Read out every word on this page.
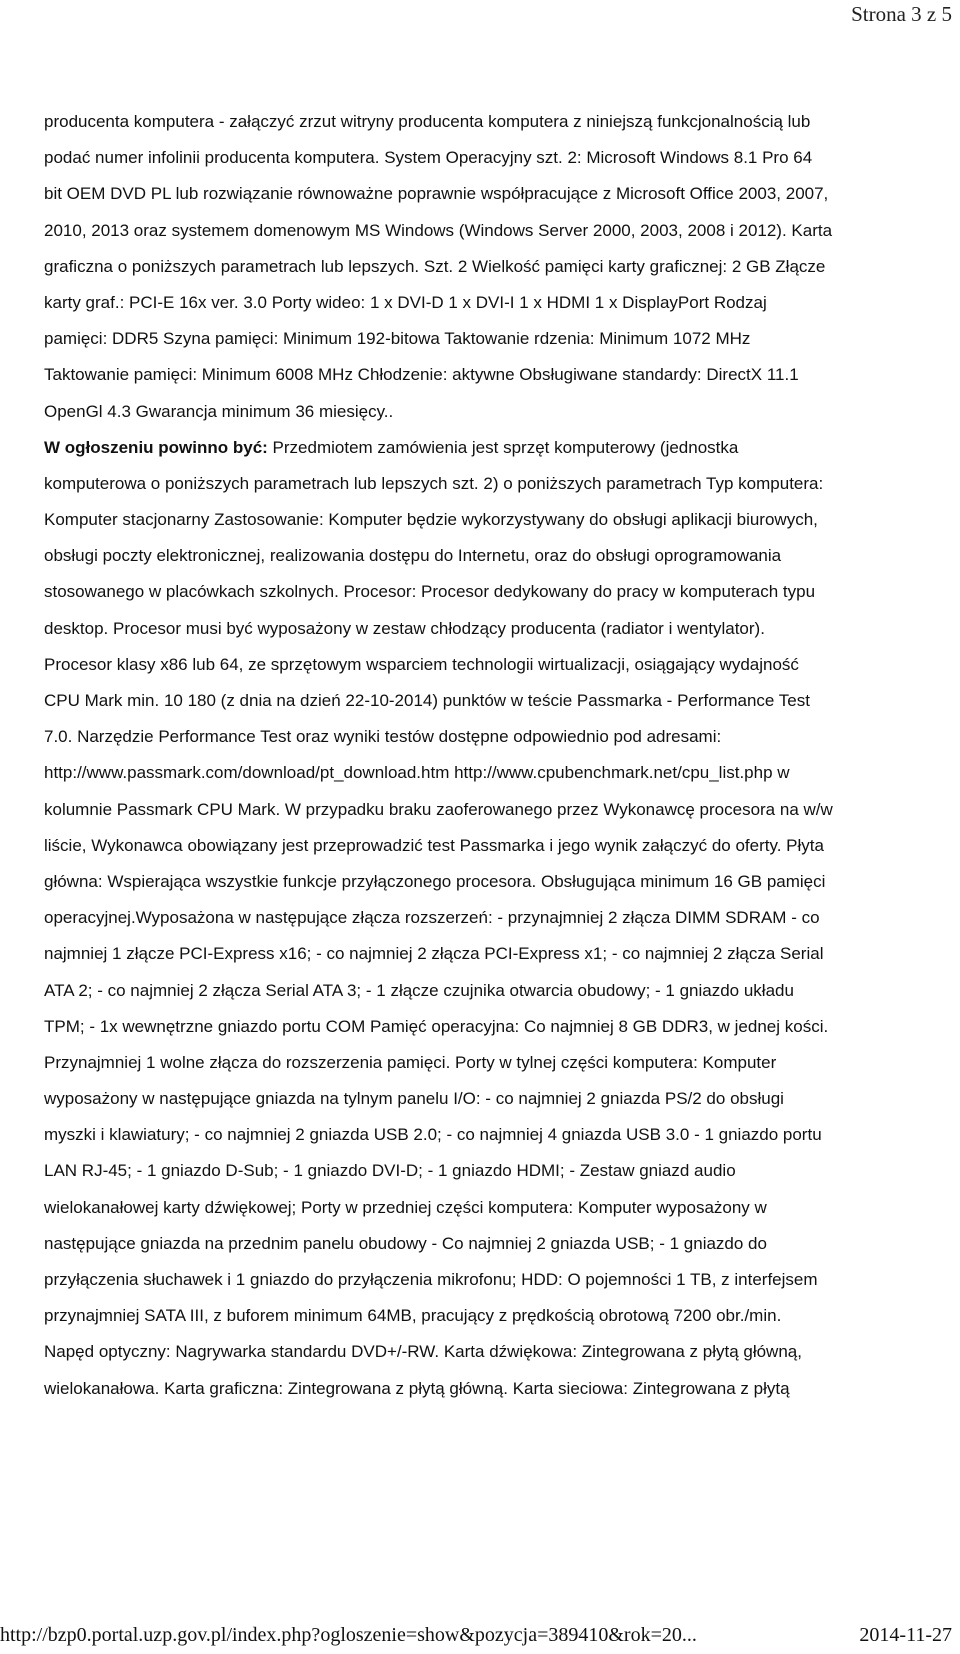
Strona 3 z 5
producenta komputera - załączyć zrzut witryny producenta komputera z niniejszą funkcjonalnością lub
podać numer infolinii producenta komputera. System Operacyjny szt. 2: Microsoft Windows 8.1 Pro 64
bit OEM DVD PL lub rozwiązanie równoważne poprawnie współpracujące z Microsoft Office 2003, 2007,
2010, 2013 oraz systemem domenowym MS Windows (Windows Server 2000, 2003, 2008 i 2012). Karta
graficzna o poniższych parametrach lub lepszych. Szt. 2 Wielkość pamięci karty graficznej: 2 GB Złącze
karty graf.: PCI-E 16x ver. 3.0 Porty wideo: 1 x DVI-D 1 x DVI-I 1 x HDMI 1 x DisplayPort Rodzaj
pamięci: DDR5 Szyna pamięci: Minimum 192-bitowa Taktowanie rdzenia: Minimum 1072 MHz
Taktowanie pamięci: Minimum 6008 MHz Chłodzenie: aktywne Obsługiwane standardy: DirectX 11.1
OpenGl 4.3 Gwarancja minimum 36 miesięcy..
W ogłoszeniu powinno być: Przedmiotem zamówienia jest sprzęt komputerowy (jednostka
komputerowa o poniższych parametrach lub lepszych szt. 2) o poniższych parametrach Typ komputera:
Komputer stacjonarny Zastosowanie: Komputer będzie wykorzystywany do obsługi aplikacji biurowych,
obsługi poczty elektronicznej, realizowania dostępu do Internetu, oraz do obsługi oprogramowania
stosowanego w placówkach szkolnych. Procesor: Procesor dedykowany do pracy w komputerach typu
desktop. Procesor musi być wyposażony w zestaw chłodzący producenta (radiator i wentylator).
Procesor klasy x86 lub 64, ze sprzętowym wsparciem technologii wirtualizacji, osiągający wydajność
CPU Mark min. 10 180 (z dnia na dzień 22-10-2014) punktów w teście Passmarka - Performance Test
7.0. Narzędzie Performance Test oraz wyniki testów dostępne odpowiednio pod adresami:
http://www.passmark.com/download/pt_download.htm http://www.cpubenchmark.net/cpu_list.php w
kolumnie Passmark CPU Mark. W przypadku braku zaoferowanego przez Wykonawcę procesora na w/w
liście, Wykonawca obowiązany jest przeprowadzić test Passmarka i jego wynik załączyć do oferty. Płyta
główna: Wspierająca wszystkie funkcje przyłączonego procesora. Obsługująca minimum 16 GB pamięci
operacyjnej.Wyposażona w następujące złącza rozszerzeń: - przynajmniej 2 złącza DIMM SDRAM - co
najmniej 1 złącze PCI-Express x16; - co najmniej 2 złącza PCI-Express x1; - co najmniej 2 złącza Serial
ATA 2; - co najmniej 2 złącza Serial ATA 3; - 1 złącze czujnika otwarcia obudowy; - 1 gniazdo układu
TPM; - 1x wewnętrzne gniazdo portu COM Pamięć operacyjna: Co najmniej 8 GB DDR3, w jednej kości.
Przynajmniej 1 wolne złącza do rozszerzenia pamięci. Porty w tylnej części komputera: Komputer
wyposażony w następujące gniazda na tylnym panelu I/O: - co najmniej 2 gniazda PS/2 do obsługi
myszki i klawiatury; - co najmniej 2 gniazda USB 2.0; - co najmniej 4 gniazda USB 3.0 - 1 gniazdo portu
LAN RJ-45; - 1 gniazdo D-Sub; - 1 gniazdo DVI-D; - 1 gniazdo HDMI; - Zestaw gniazd audio
wielokanałowej karty dźwiękowej; Porty w przedniej części komputera: Komputer wyposażony w
następujące gniazda na przednim panelu obudowy - Co najmniej 2 gniazda USB; - 1 gniazdo do
przyłączenia słuchawek i 1 gniazdo do przyłączenia mikrofonu; HDD: O pojemności 1 TB, z interfejsem
przynajmniej SATA III, z buforem minimum 64MB, pracujący z prędkością obrotową 7200 obr./min.
Napęd optyczny: Nagrywarka standardu DVD+/-RW. Karta dźwiękowa: Zintegrowana z płytą główną,
wielokanałowa. Karta graficzna: Zintegrowana z płytą główną. Karta sieciowa: Zintegrowana z płytą
http://bzp0.portal.uzp.gov.pl/index.php?ogloszenie=show&pozycja=389410&rok=20...	2014-11-27
